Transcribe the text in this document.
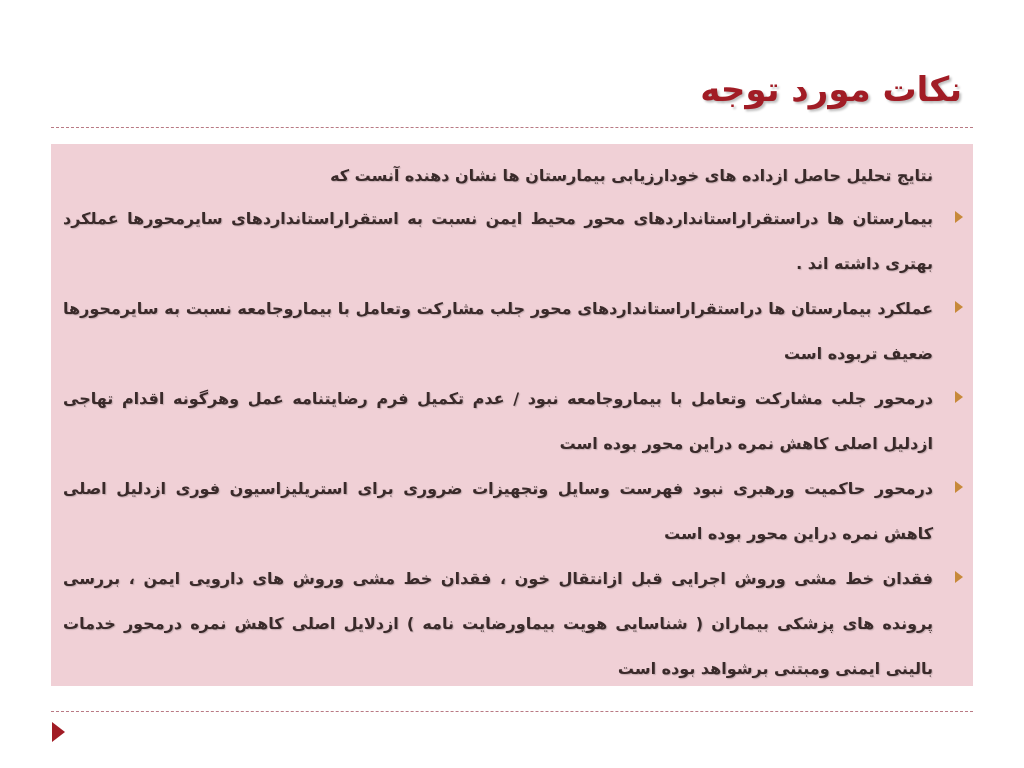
نکات مورد توجه

نتایج تحلیل حاصل ازداده های خودارزیابی بیمارستان ها نشان دهنده آنست که

بیمارستان ها دراستقراراستانداردهای محور محیط ایمن نسبت به استقراراستانداردهای سایرمحورها عملکرد بهتری داشته اند .
عملکرد بیمارستان ها دراستقراراستانداردهای محور جلب مشارکت وتعامل با بیماروجامعه نسبت به سایرمحورها ضعیف تربوده است
درمحور جلب مشارکت وتعامل با بیماروجامعه نبود / عدم تکمیل فرم رضایتنامه عمل وهرگونه اقدام تهاجی ازدلیل اصلی کاهش نمره دراین محور بوده است
درمحور حاکمیت ورهبری نبود فهرست وسایل وتجهیزات ضروری برای استریلیزاسیون فوری ازدلیل اصلی کاهش نمره دراین محور بوده است
فقدان خط مشی وروش اجرایی قبل ازانتقال خون ، فقدان خط مشی وروش های دارویی ایمن ، بررسی پرونده های پزشکی بیماران ( شناسایی هویت بیماورضایت نامه ) ازدلایل اصلی کاهش نمره درمحور خدمات بالینی ایمنی ومبتنی برشواهد بوده است
